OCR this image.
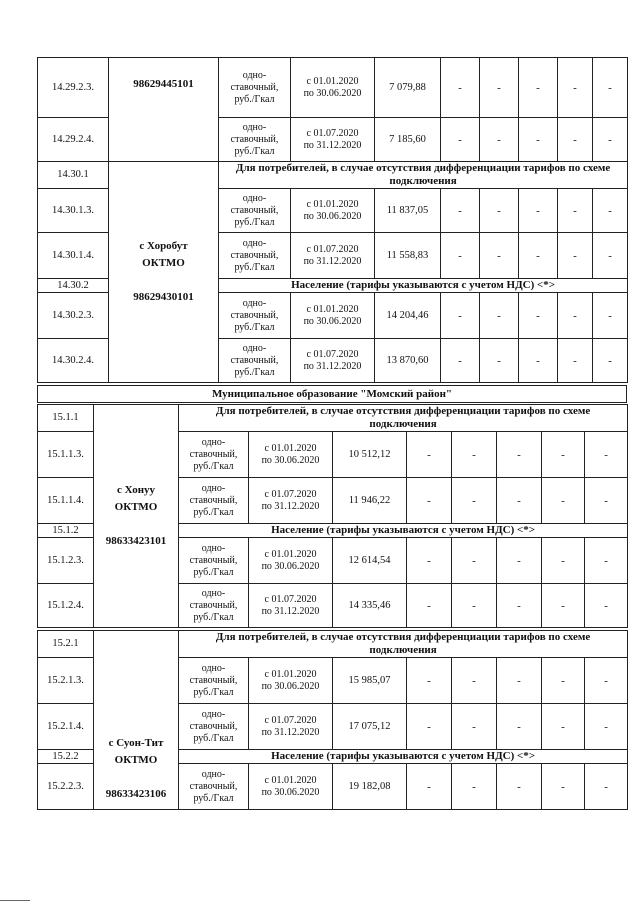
14.29.2.3.	98629445101	одно-
ставочный,
руб./Гкал	с 01.01.2020
по 30.06.2020	7 079,88	-	-	-	-	-
14.29.2.4.		одно-
ставочный,
руб./Гкал	с 01.07.2020
по 31.12.2020	7 185,60	-	-	-	-	-
14.30.1	с Хоробут
ОКТМО

98629430101	Для потребителей, в случае отсутствия дифференциации тарифов по схеме подключения							
14.30.1.3.		одно-
ставочный,
руб./Гкал	с 01.01.2020
по 30.06.2020	11 837,05	-	-	-	-	-
14.30.1.4.		одно-
ставочный,
руб./Гкал	с 01.07.2020
по 31.12.2020	11 558,83	-	-	-	-	-
14.30.2		Население (тарифы указываются с учетом НДС) <*>							
14.30.2.3.		одно-
ставочный,
руб./Гкал	с 01.01.2020
по 30.06.2020	14 204,46	-	-	-	-	-
14.30.2.4.		одно-
ставочный,
руб./Гкал	с 01.07.2020
по 31.12.2020	13 870,60	-	-	-	-	-
Муниципальное образование "Момский район"
15.1.1	с Хонуу
ОКТМО

98633423101	Для потребителей, в случае отсутствия дифференциации тарифов по схеме подключения							
15.1.1.3.		одно-
ставочный,
руб./Гкал	с 01.01.2020
по 30.06.2020	10 512,12	-	-	-	-	-
15.1.1.4.		одно-
ставочный,
руб./Гкал	с 01.07.2020
по 31.12.2020	11 946,22	-	-	-	-	-
15.1.2		Население (тарифы указываются с учетом НДС) <*>							
15.1.2.3.		одно-
ставочный,
руб./Гкал	с 01.01.2020
по 30.06.2020	12 614,54	-	-	-	-	-
15.1.2.4.		одно-
ставочный,
руб./Гкал	с 01.07.2020
по 31.12.2020	14 335,46	-	-	-	-	-
15.2.1	с Суон-Тит
ОКТМО

98633423106	Для потребителей, в случае отсутствия дифференциации тарифов по схеме подключения							
15.2.1.3.		одно-
ставочный,
руб./Гкал	с 01.01.2020
по 30.06.2020	15 985,07	-	-	-	-	-
15.2.1.4.		одно-
ставочный,
руб./Гкал	с 01.07.2020
по 31.12.2020	17 075,12	-	-	-	-	-
15.2.2		Население (тарифы указываются с учетом НДС) <*>							
15.2.2.3.		одно-
ставочный,
руб./Гкал	с 01.01.2020
по 30.06.2020	19 182,08	-	-	-	-	-
